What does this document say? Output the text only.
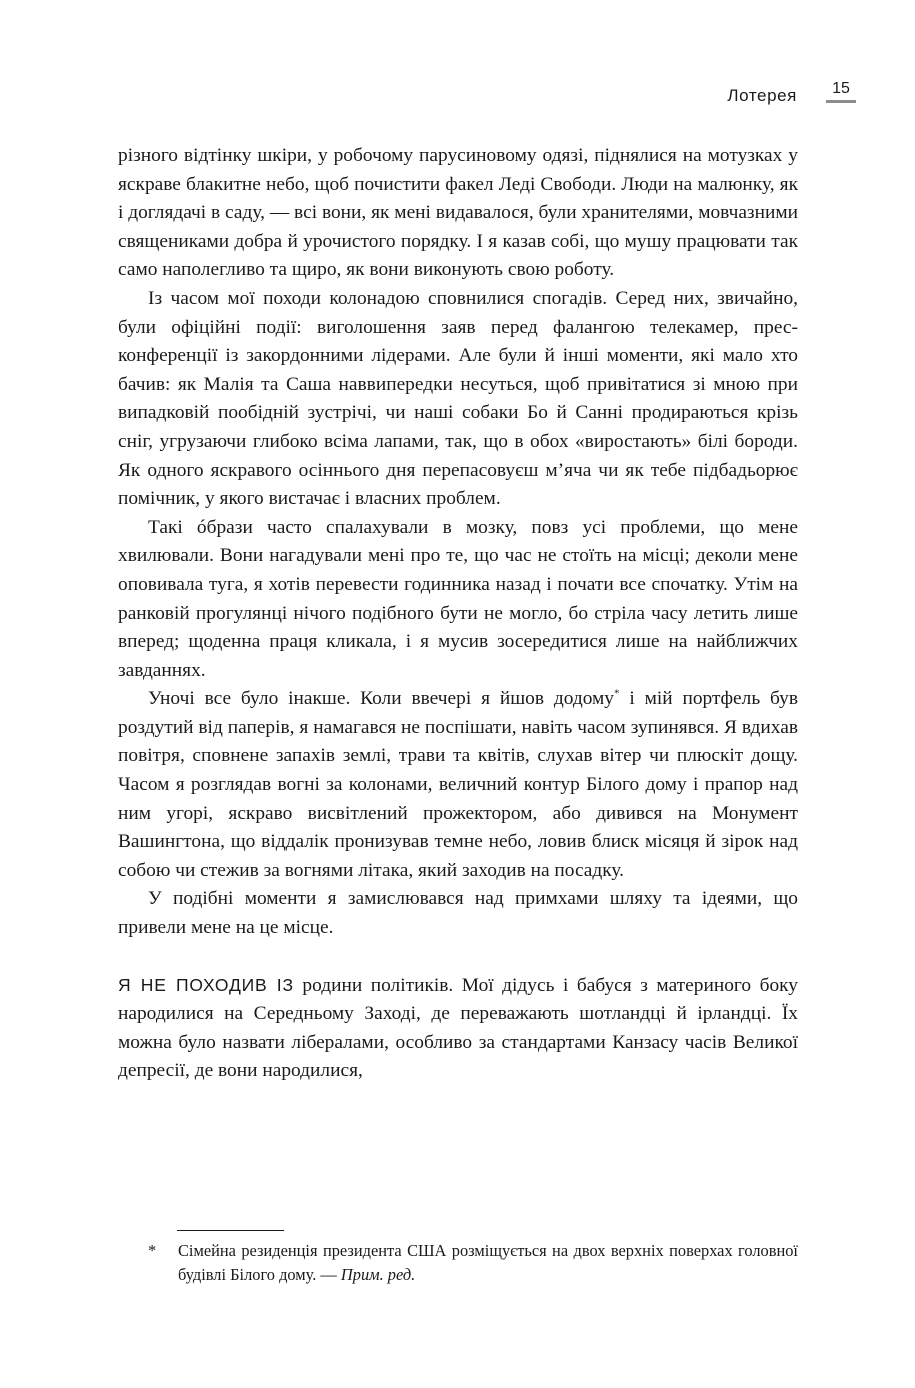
Лотерея	15

різного відтінку шкіри, у робочому парусиновому одязі, піднялися на мотузках у яскраве блакитне небо, щоб почистити факел Леді Свободи. Люди на малюнку, як і доглядачі в саду, — всі вони, як мені видавалося, були хранителями, мовчазними священиками добра й урочистого порядку. І я казав собі, що мушу працювати так само наполегливо та щиро, як вони виконують свою роботу.

Із часом мої походи колонадою сповнилися спогадів. Серед них, звичайно, були офіційні події: виголошення заяв перед фалангою телекамер, прес-конференції із закордонними лідерами. Але були й інші моменти, які мало хто бачив: як Малія та Саша наввипередки несуться, щоб привітатися зі мною при випадковій пообідній зустрічі, чи наші собаки Бо й Санні продираються крізь сніг, угрузаючи глибоко всіма лапами, так, що в обох «виростають» білі бороди. Як одного яскравого осіннього дня перепасовуєш м’яча чи як тебе підбадьорює помічник, у якого вистачає і власних проблем.

Такі óбрази часто спалахували в мозку, повз усі проблеми, що мене хвилювали. Вони нагадували мені про те, що час не стоїть на місці; деколи мене оповивала туга, я хотів перевести годинника назад і почати все спочатку. Утім на ранковій прогулянці нічого подібного бути не могло, бо стріла часу летить лише вперед; щоденна праця кликала, і я мусив зосередитися лише на найближчих завданнях.

Уночі все було інакше. Коли ввечері я йшов додому* і мій портфель був роздутий від паперів, я намагався не поспішати, навіть часом зупинявся. Я вдихав повітря, сповнене запахів землі, трави та квітів, слухав вітер чи плюскіт дощу. Часом я розглядав вогні за колонами, величний контур Білого дому і прапор над ним угорі, яскраво висвітлений прожектором, або дивився на Монумент Вашингтона, що віддалік пронизував темне небо, ловив блиск місяця й зірок над собою чи стежив за вогнями літака, який заходив на посадку.

У подібні моменти я замислювався над примхами шляху та ідеями, що привели мене на це місце.

Я НЕ ПОХОДИВ ІЗ родини політиків. Мої дідусь і бабуся з материного боку народилися на Середньому Заході, де переважають шотландці й ірландці. Їх можна було назвати лібералами, особливо за стандартами Канзасу часів Великої депресії, де вони народилися,

* Сімейна резиденція президента США розміщується на двох верхніх поверхах головної будівлі Білого дому. — Прим. ред.
